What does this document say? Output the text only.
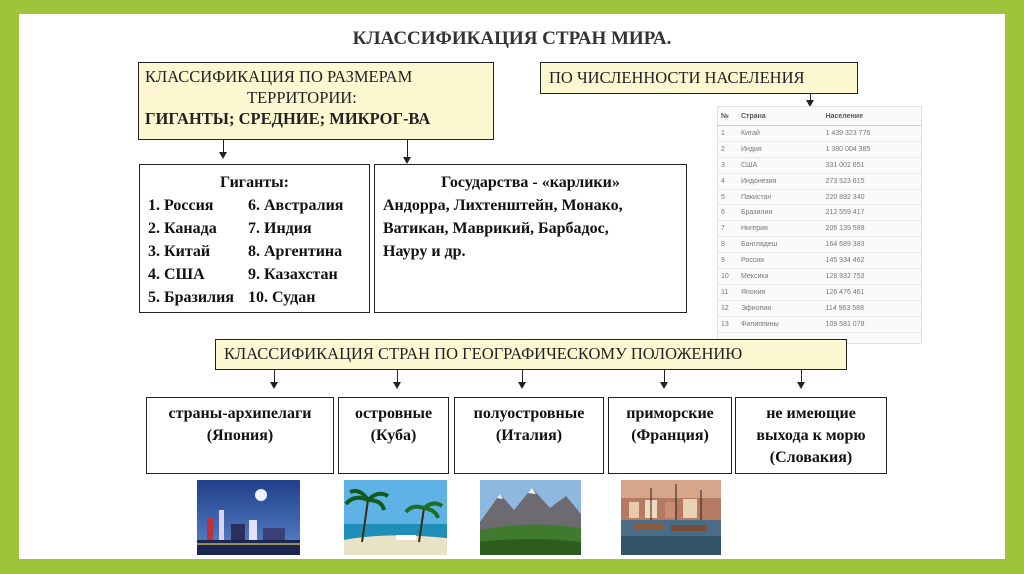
КЛАССИФИКАЦИЯ СТРАН МИРА.
КЛАССИФИКАЦИЯ ПО РАЗМЕРАМ
ТЕРРИТОРИИ:
ГИГАНТЫ; СРЕДНИЕ; МИКРОГ-ВА
ПО ЧИСЛЕННОСТИ НАСЕЛЕНИЯ
Гиганты:
1. Россия	6. Австралия
2. Канада	7. Индия
3. Китай	8. Аргентина
4. США	9. Казахстан
5. Бразилия 10. Судан
Государства - «карлики»
Андорра, Лихтенштейн, Монако,
Ватикан, Маврикий, Барбадос,
Науру и др.
№	Страна	Население
1	Китай	1 439 323 776
2	Индия	1 380 004 385
3	США	331 002 651
4	Индонезия	273 523 615
5	Пакистан	220 892 340
6	Бразилия	212 559 417
7	Нигерия	206 139 589
8	Бангладеш	164 689 383
9	Россия	145 934 462
10	Мексика	128 932 753
11	Япония	126 476 461
12	Эфиопия	114 963 588
13	Филиппины	109 581 078
КЛАССИФИКАЦИЯ СТРАН ПО ГЕОГРАФИЧЕСКОМУ ПОЛОЖЕНИЮ
страны-архипелаги
(Япония)
островные
(Куба)
полуостровные
(Италия)
приморские
(Франция)
не имеющие
выхода к морю
(Словакия)
